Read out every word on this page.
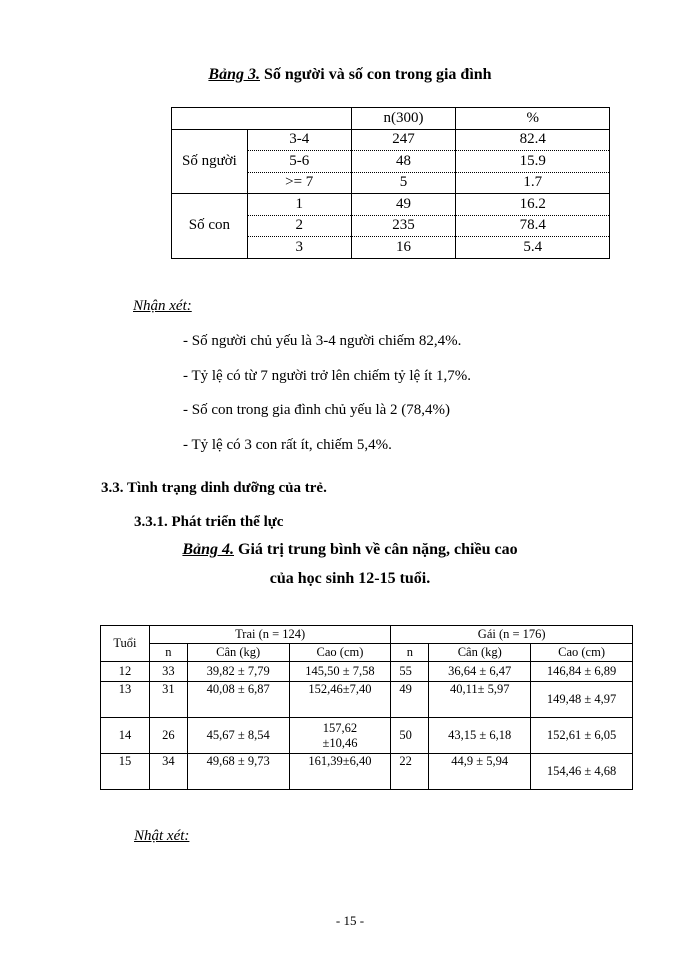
Bảng 3. Số người và số con trong gia đình
		n(300)	%
Số người	3-4	247	82.4
	5-6	48	15.9
	>= 7	5	1.7
Số con	1	49	16.2
	2	235	78.4
	3	16	5.4
Nhận xét:
- Số người chủ yếu là 3-4 người chiếm 82,4%.
- Tỷ lệ có từ 7 người trở lên chiếm tỷ lệ ít 1,7%.
- Số con trong gia đình chủ yếu là 2 (78,4%)
- Tỷ lệ có 3 con rất ít, chiếm 5,4%.
3.3. Tình trạng dinh dưỡng của trẻ.
3.3.1. Phát triển thể lực
Bảng 4. Giá trị trung bình về cân nặng, chiều cao
của học sinh 12-15 tuổi.
Tuổi	Trai (n = 124)			Gái (n = 176)		
	n	Cân (kg)	Cao (cm)	n	Cân (kg)	Cao (cm)
12	33	39,82 ± 7,79	145,50 ± 7,58	55	36,64 ± 6,47	146,84 ± 6,89
13	31	40,08 ± 6,87	152,46±7,40	49	40,11± 5,97	149,48 ± 4,97
14	26	45,67 ± 8,54	157,62 ±10,46	50	43,15 ± 6,18	152,61 ± 6,05
15	34	49,68 ± 9,73	161,39±6,40	22	44,9 ± 5,94	154,46 ± 4,68
Nhật xét:
- 15 -
